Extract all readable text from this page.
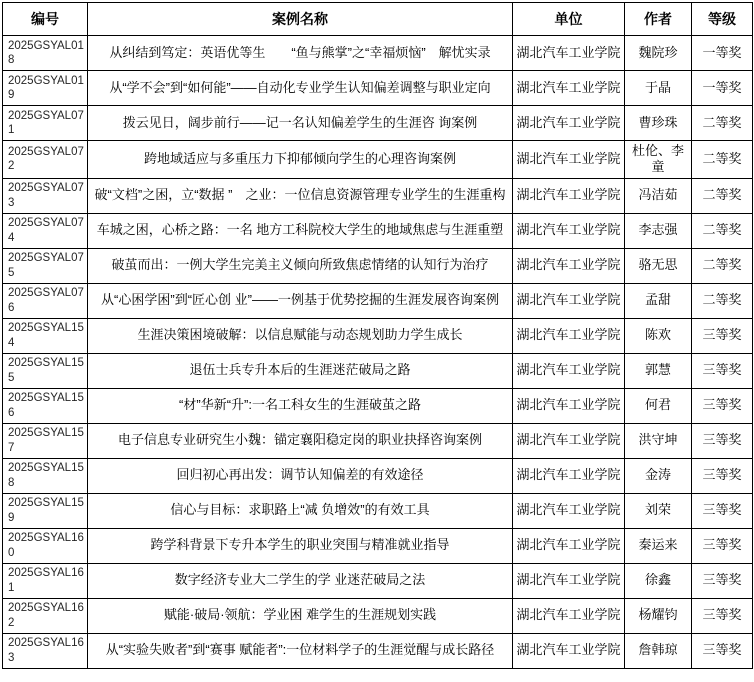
编号	案例名称	单位	作者	等级
2025GSYAL018	从纠结到笃定：英语优等生　　“鱼与熊掌”之“幸福烦恼”　解忧实录	湖北汽车工业学院	魏院珍	一等奖
2025GSYAL019	从“学不会”到“如何能”——自动化专业学生认知偏差调整与职业定向	湖北汽车工业学院	于晶	一等奖
2025GSYAL071	拨云见日，阔步前行——记一名认知偏差学生的生涯咨 询案例	湖北汽车工业学院	曹珍珠	二等奖
2025GSYAL072	跨地域适应与多重压力下抑郁倾向学生的心理咨询案例	湖北汽车工业学院	杜伦、李童	二等奖
2025GSYAL073	破“文档”之困，立“数据 ”　之业：一位信息资源管理专业学生的生涯重构	湖北汽车工业学院	冯洁茹	二等奖
2025GSYAL074	车城之困，心桥之路：一名 地方工科院校大学生的地域焦虑与生涯重塑	湖北汽车工业学院	李志强	二等奖
2025GSYAL075	破茧而出：一例大学生完美主义倾向所致焦虑情绪的认知行为治疗	湖北汽车工业学院	骆无思	二等奖
2025GSYAL076	从“心困学困”到“匠心创 业”——一例基于优势挖掘的生涯发展咨询案例	湖北汽车工业学院	孟甜	二等奖
2025GSYAL154	生涯决策困境破解：以信息赋能与动态规划助力学生成长	湖北汽车工业学院	陈欢	三等奖
2025GSYAL155	退伍士兵专升本后的生涯迷茫破局之路	湖北汽车工业学院	郭慧	三等奖
2025GSYAL156	“材”华新“升”:一名工科女生的生涯破茧之路	湖北汽车工业学院	何君	三等奖
2025GSYAL157	电子信息专业研究生小魏：锚定襄阳稳定岗的职业抉择咨询案例	湖北汽车工业学院	洪守坤	三等奖
2025GSYAL158	回归初心再出发：调节认知偏差的有效途径	湖北汽车工业学院	金涛	三等奖
2025GSYAL159	信心与目标：求职路上“减 负增效”的有效工具	湖北汽车工业学院	刘荣	三等奖
2025GSYAL160	跨学科背景下专升本学生的职业突围与精准就业指导	湖北汽车工业学院	秦运来	三等奖
2025GSYAL161	数字经济专业大二学生的学 业迷茫破局之法	湖北汽车工业学院	徐鑫	三等奖
2025GSYAL162	赋能·破局·领航：学业困 难学生的生涯规划实践	湖北汽车工业学院	杨耀钧	三等奖
2025GSYAL163	从“实验失败者”到“赛事 赋能者”:一位材料学子的生涯觉醒与成长路径	湖北汽车工业学院	詹韩琼	三等奖
